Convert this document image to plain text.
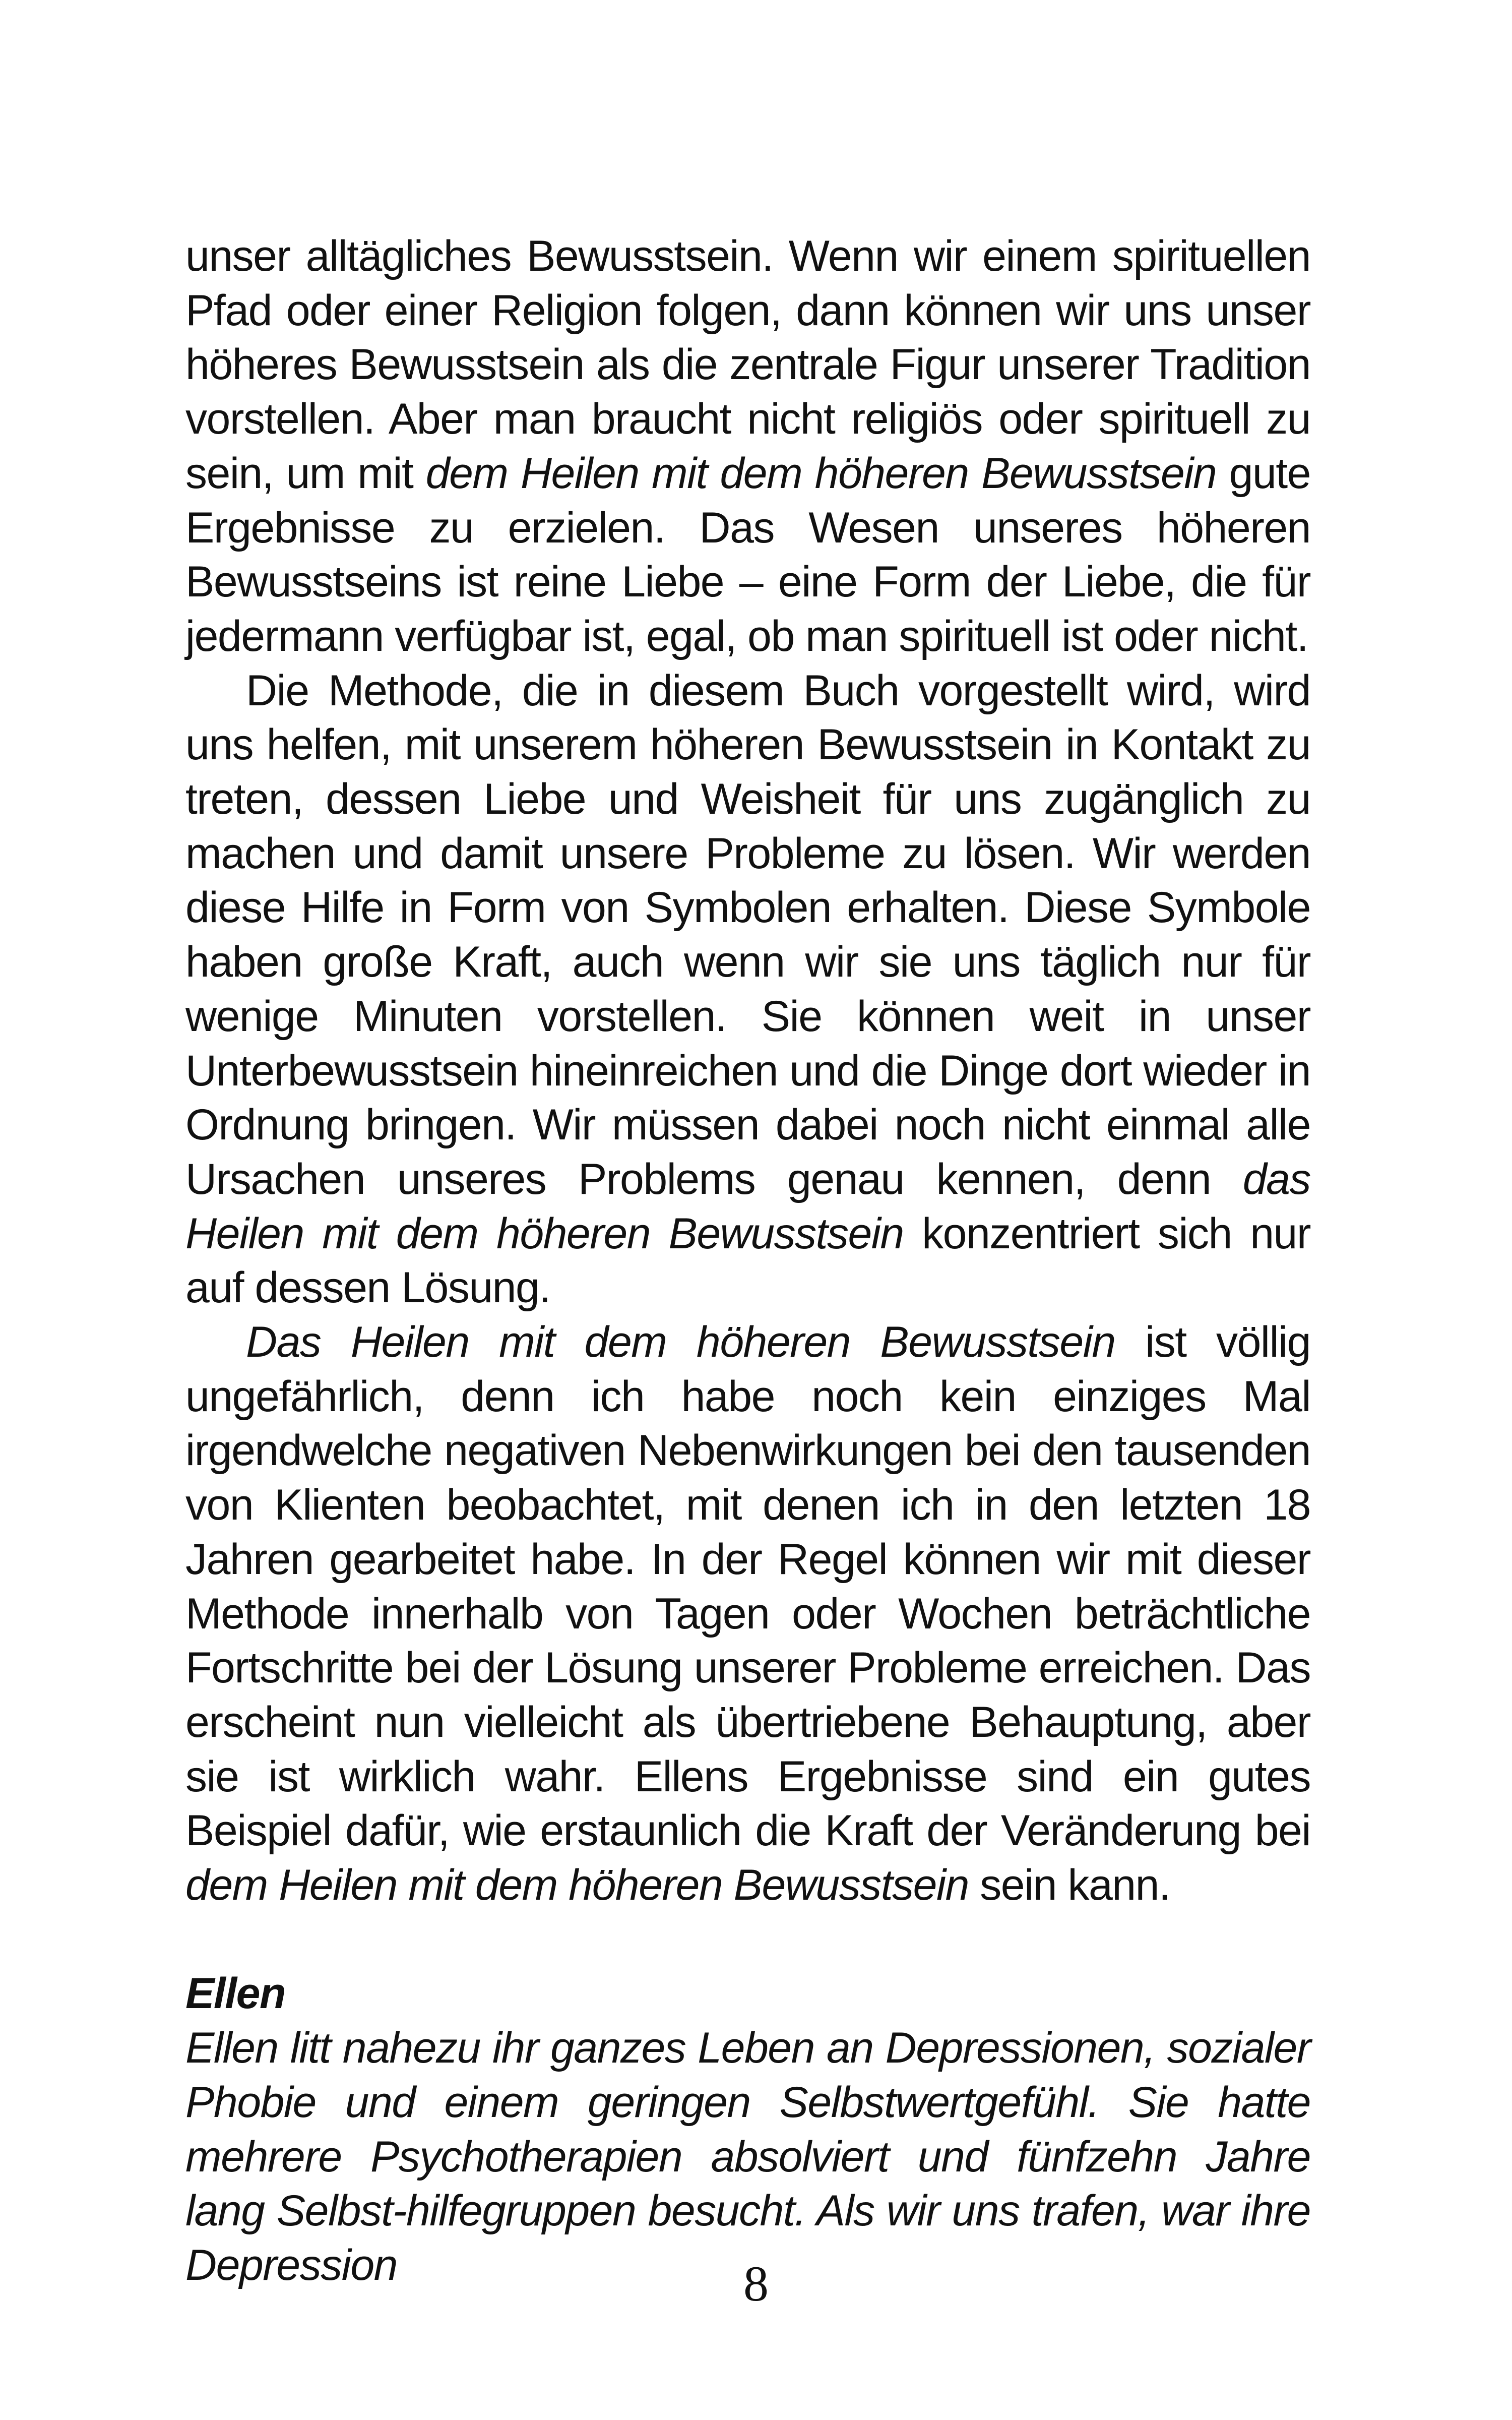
unser alltägliches Bewusstsein. Wenn wir einem spirituellen Pfad oder einer Religion folgen, dann können wir uns unser höheres Bewusstsein als die zentrale Figur unserer Tradition vorstellen. Aber man braucht nicht religiös oder spirituell zu sein, um mit dem Heilen mit dem höheren Bewusstsein gute Ergebnisse zu erzielen. Das Wesen unseres höheren Bewusstseins ist reine Liebe – eine Form der Liebe, die für jedermann verfügbar ist, egal, ob man spirituell ist oder nicht.

Die Methode, die in diesem Buch vorgestellt wird, wird uns helfen, mit unserem höheren Bewusstsein in Kontakt zu treten, dessen Liebe und Weisheit für uns zugänglich zu machen und damit unsere Probleme zu lösen. Wir werden diese Hilfe in Form von Symbolen erhalten. Diese Symbole haben große Kraft, auch wenn wir sie uns täglich nur für wenige Minuten vorstellen. Sie können weit in unser Unterbewusstsein hineinreichen und die Dinge dort wieder in Ordnung bringen. Wir müssen dabei noch nicht einmal alle Ursachen unseres Problems genau kennen, denn das Heilen mit dem höheren Bewusstsein konzentriert sich nur auf dessen Lösung.

Das Heilen mit dem höheren Bewusstsein ist völlig ungefährlich, denn ich habe noch kein einziges Mal irgendwelche negativen Nebenwirkungen bei den tausenden von Klienten beobachtet, mit denen ich in den letzten 18 Jahren gearbeitet habe. In der Regel können wir mit dieser Methode innerhalb von Tagen oder Wochen beträchtliche Fortschritte bei der Lösung unserer Probleme erreichen. Das erscheint nun vielleicht als übertriebene Behauptung, aber sie ist wirklich wahr. Ellens Ergebnisse sind ein gutes Beispiel dafür, wie erstaunlich die Kraft der Veränderung bei dem Heilen mit dem höheren Bewusstsein sein kann.

Ellen

Ellen litt nahezu ihr ganzes Leben an Depressionen, sozialer Phobie und einem geringen Selbstwertgefühl. Sie hatte mehrere Psychotherapien absolviert und fünfzehn Jahre lang Selbst-hilfegruppen besucht. Als wir uns trafen, war ihre Depression	8
